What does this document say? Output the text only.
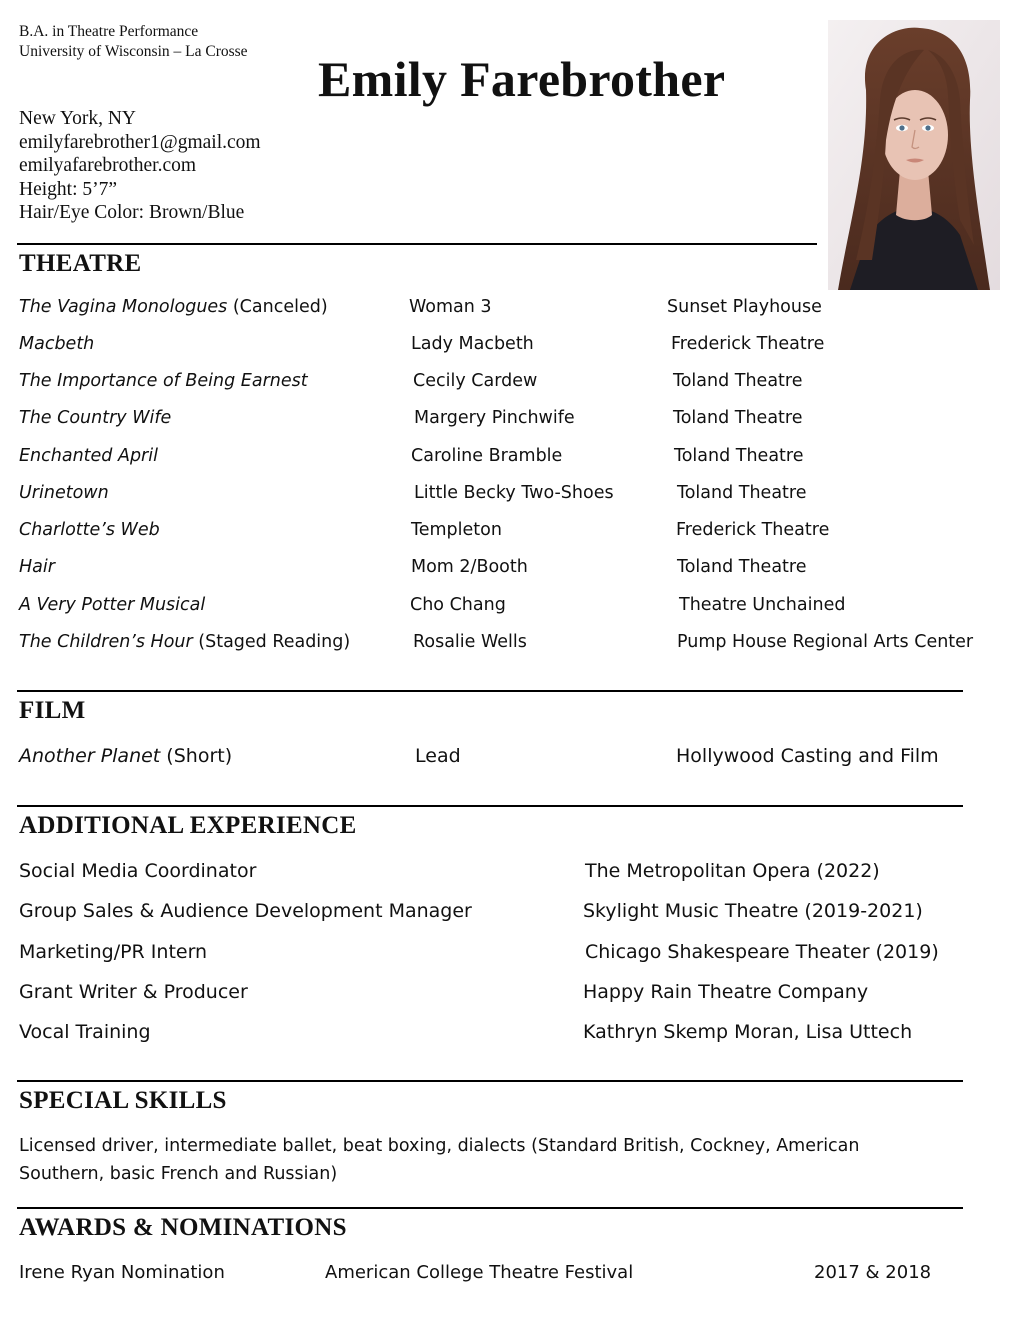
B.A. in Theatre Performance
University of Wisconsin – La Crosse Emily Farebrother
New York, NY
emilyfarebrother1@gmail.com
emilyafarebrother.com
Height: 5’7”
Hair/Eye Color: Brown/Blue
THEATRE
The Vagina Monologues (Canceled)	Woman 3	Sunset Playhouse
Macbeth	Lady Macbeth	Frederick Theatre
The Importance of Being Earnest	Cecily Cardew	Toland Theatre
The Country Wife	Margery Pinchwife	Toland Theatre
Enchanted April	Caroline Bramble	Toland Theatre
Urinetown	Little Becky Two-Shoes	Toland Theatre
Charlotte’s Web	Templeton	Frederick Theatre
Hair	Mom 2/Booth	Toland Theatre
A Very Potter Musical	Cho Chang	Theatre Unchained
The Children’s Hour (Staged Reading)	Rosalie Wells	Pump House Regional Arts Center
FILM
Another Planet (Short)	Lead	Hollywood Casting and Film
ADDITIONAL EXPERIENCE
Social Media Coordinator	The Metropolitan Opera (2022)
Group Sales & Audience Development Manager	Skylight Music Theatre (2019-2021)
Marketing/PR Intern	Chicago Shakespeare Theater (2019)
Grant Writer & Producer	Happy Rain Theatre Company
Vocal Training	Kathryn Skemp Moran, Lisa Uttech
SPECIAL SKILLS
Licensed driver, intermediate ballet, beat boxing, dialects (Standard British, Cockney, American Southern, basic French and Russian)
AWARDS & NOMINATIONS
Irene Ryan Nomination	American College Theatre Festival	2017 & 2018
